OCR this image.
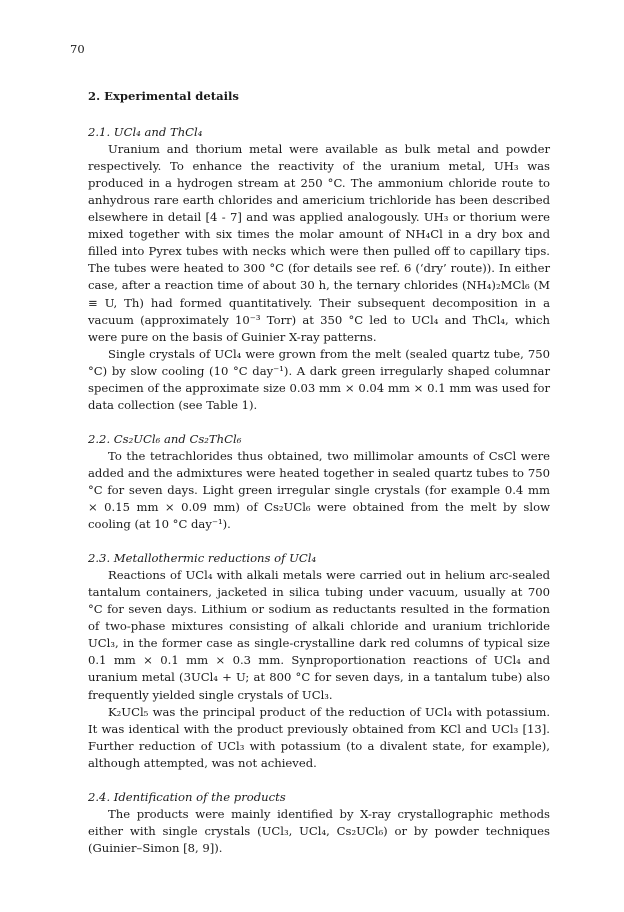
70
2. Experimental details
2.1. UCl₄ and ThCl₄

Uranium and thorium metal were available as bulk metal and powder respectively. To enhance the reactivity of the uranium metal, UH₃ was produced in a hydrogen stream at 250 °C. The ammonium chloride route to anhydrous rare earth chlorides and americium trichloride has been described elsewhere in detail [4 - 7] and was applied analogously. UH₃ or thorium were mixed together with six times the molar amount of NH₄Cl in a dry box and filled into Pyrex tubes with necks which were then pulled off to capillary tips. The tubes were heated to 300 °C (for details see ref. 6 (‘dry’ route)). In either case, after a reaction time of about 30 h, the ternary chlorides (NH₄)₂MCl₆ (M ≡ U, Th) had formed quantitatively. Their subsequent decomposition in a vacuum (approximately 10⁻³ Torr) at 350 °C led to UCl₄ and ThCl₄, which were pure on the basis of Guinier X-ray patterns.

Single crystals of UCl₄ were grown from the melt (sealed quartz tube, 750 °C) by slow cooling (10 °C day⁻¹). A dark green irregularly shaped columnar specimen of the approximate size 0.03 mm × 0.04 mm × 0.1 mm was used for data collection (see Table 1).

2.2. Cs₂UCl₆ and Cs₂ThCl₆

To the tetrachlorides thus obtained, two millimolar amounts of CsCl were added and the admixtures were heated together in sealed quartz tubes to 750 °C for seven days. Light green irregular single crystals (for example 0.4 mm × 0.15 mm × 0.09 mm) of Cs₂UCl₆ were obtained from the melt by slow cooling (at 10 °C day⁻¹).

2.3. Metallothermic reductions of UCl₄

Reactions of UCl₄ with alkali metals were carried out in helium arc-sealed tantalum containers, jacketed in silica tubing under vacuum, usually at 700 °C for seven days. Lithium or sodium as reductants resulted in the formation of two-phase mixtures consisting of alkali chloride and uranium trichloride UCl₃, in the former case as single-crystalline dark red columns of typical size 0.1 mm × 0.1 mm × 0.3 mm. Synproportionation reactions of UCl₄ and uranium metal (3UCl₄ + U; at 800 °C for seven days, in a tantalum tube) also frequently yielded single crystals of UCl₃.

K₂UCl₅ was the principal product of the reduction of UCl₄ with potassium. It was identical with the product previously obtained from KCl and UCl₃ [13]. Further reduction of UCl₃ with potassium (to a divalent state, for example), although attempted, was not achieved.

2.4. Identification of the products

The products were mainly identified by X-ray crystallographic methods either with single crystals (UCl₃, UCl₄, Cs₂UCl₆) or by powder techniques (Guinier–Simon [8, 9]).
